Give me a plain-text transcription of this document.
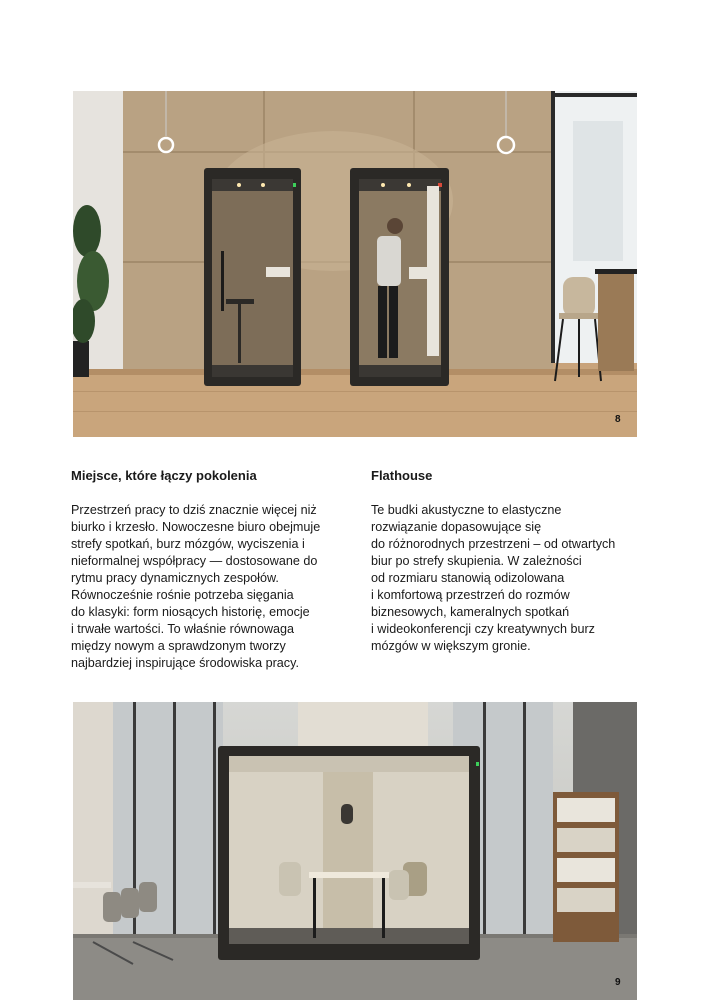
8
Miejsce, które łączy pokolenia

Przestrzeń pracy to dziś znacznie więcej niż
biurko i krzesło. Nowoczesne biuro obejmuje
strefy spotkań, burz mózgów, wyciszenia i
nieformalnej współpracy — dostosowane do
rytmu pracy dynamicznych zespołów.
Równocześnie rośnie potrzeba sięgania
do klasyki: form niosących historię, emocje
i trwałe wartości. To właśnie równowaga
między nowym a sprawdzonym tworzy
najbardziej inspirujące środowiska pracy.

Flathouse

Te budki akustyczne to elastyczne
rozwiązanie dopasowujące się
do różnorodnych przestrzeni – od otwartych
biur po strefy skupienia. W zależności
od rozmiaru stanowią odizolowana
i komfortową przestrzeń do rozmów
biznesowych, kameralnych spotkań
i wideokonferencji czy kreatywnych burz
mózgów w większym gronie.

9
